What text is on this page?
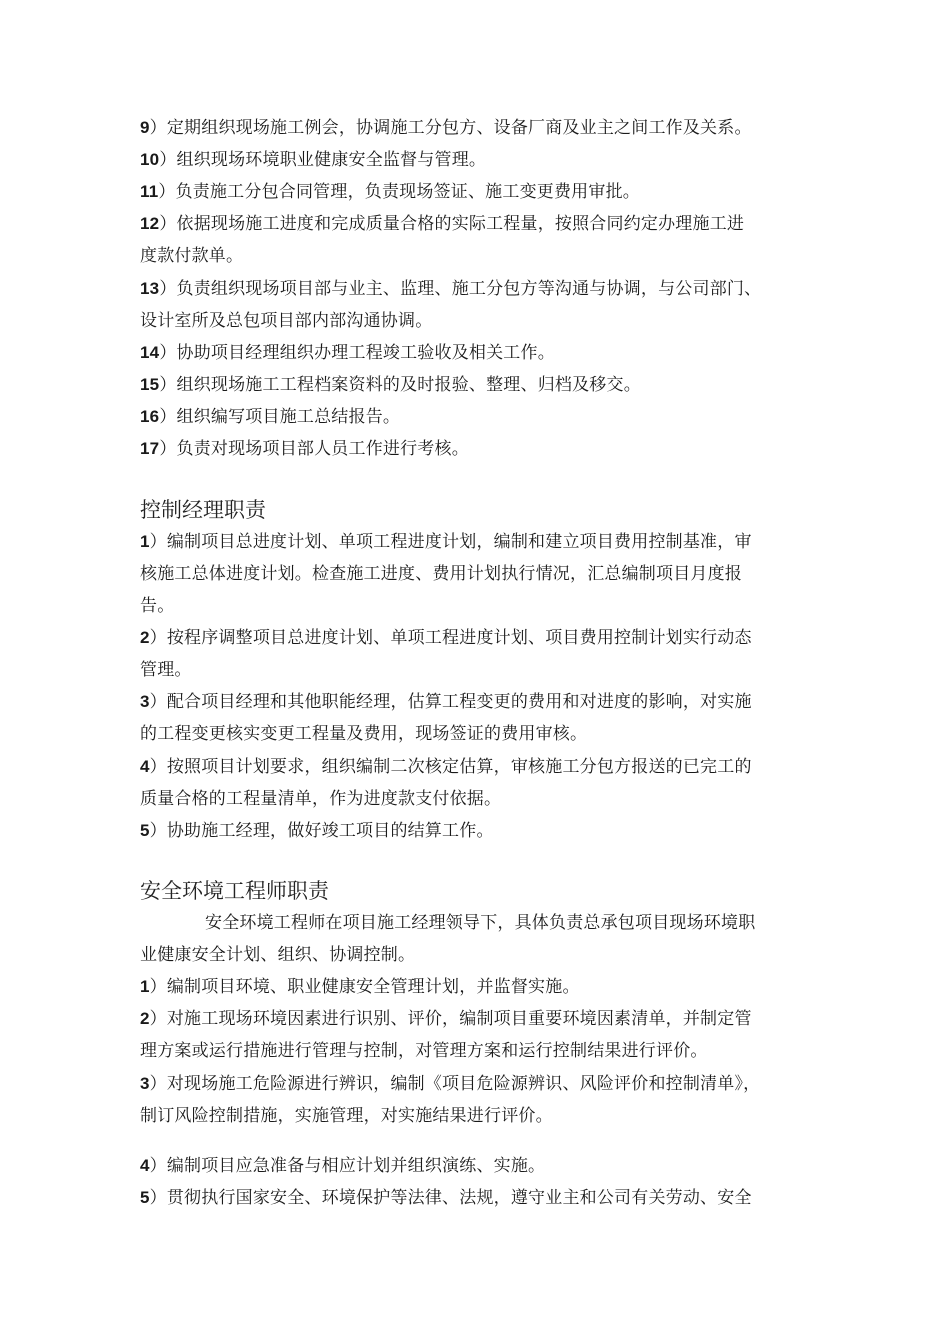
9）定期组织现场施工例会，协调施工分包方、设备厂商及业主之间工作及关系。
10）组织现场环境职业健康安全监督与管理。
11）负责施工分包合同管理，负责现场签证、施工变更费用审批。
12）依据现场施工进度和完成质量合格的实际工程量，按照合同约定办理施工进
度款付款单。
13）负责组织现场项目部与业主、监理、施工分包方等沟通与协调，与公司部门、
设计室所及总包项目部内部沟通协调。
14）协助项目经理组织办理工程竣工验收及相关工作。
15）组织现场施工工程档案资料的及时报验、整理、归档及移交。
16）组织编写项目施工总结报告。
17）负责对现场项目部人员工作进行考核。
控制经理职责
1）编制项目总进度计划、单项工程进度计划，编制和建立项目费用控制基准，审
核施工总体进度计划。检查施工进度、费用计划执行情况，汇总编制项目月度报
告。
2）按程序调整项目总进度计划、单项工程进度计划、项目费用控制计划实行动态
管理。
3）配合项目经理和其他职能经理，估算工程变更的费用和对进度的影响，对实施
的工程变更核实变更工程量及费用，现场签证的费用审核。
4）按照项目计划要求，组织编制二次核定估算，审核施工分包方报送的已完工的
质量合格的工程量清单，作为进度款支付依据。
5）协助施工经理，做好竣工项目的结算工作。
安全环境工程师职责
安全环境工程师在项目施工经理领导下，具体负责总承包项目现场环境职
业健康安全计划、组织、协调控制。
1）编制项目环境、职业健康安全管理计划，并监督实施。
2）对施工现场环境因素进行识别、评价，编制项目重要环境因素清单，并制定管
理方案或运行措施进行管理与控制，对管理方案和运行控制结果进行评价。
3）对现场施工危险源进行辨识，编制《项目危险源辨识、风险评价和控制清单》，
制订风险控制措施，实施管理，对实施结果进行评价。
4）编制项目应急准备与相应计划并组织演练、实施。
5）贯彻执行国家安全、环境保护等法律、法规，遵守业主和公司有关劳动、安全
